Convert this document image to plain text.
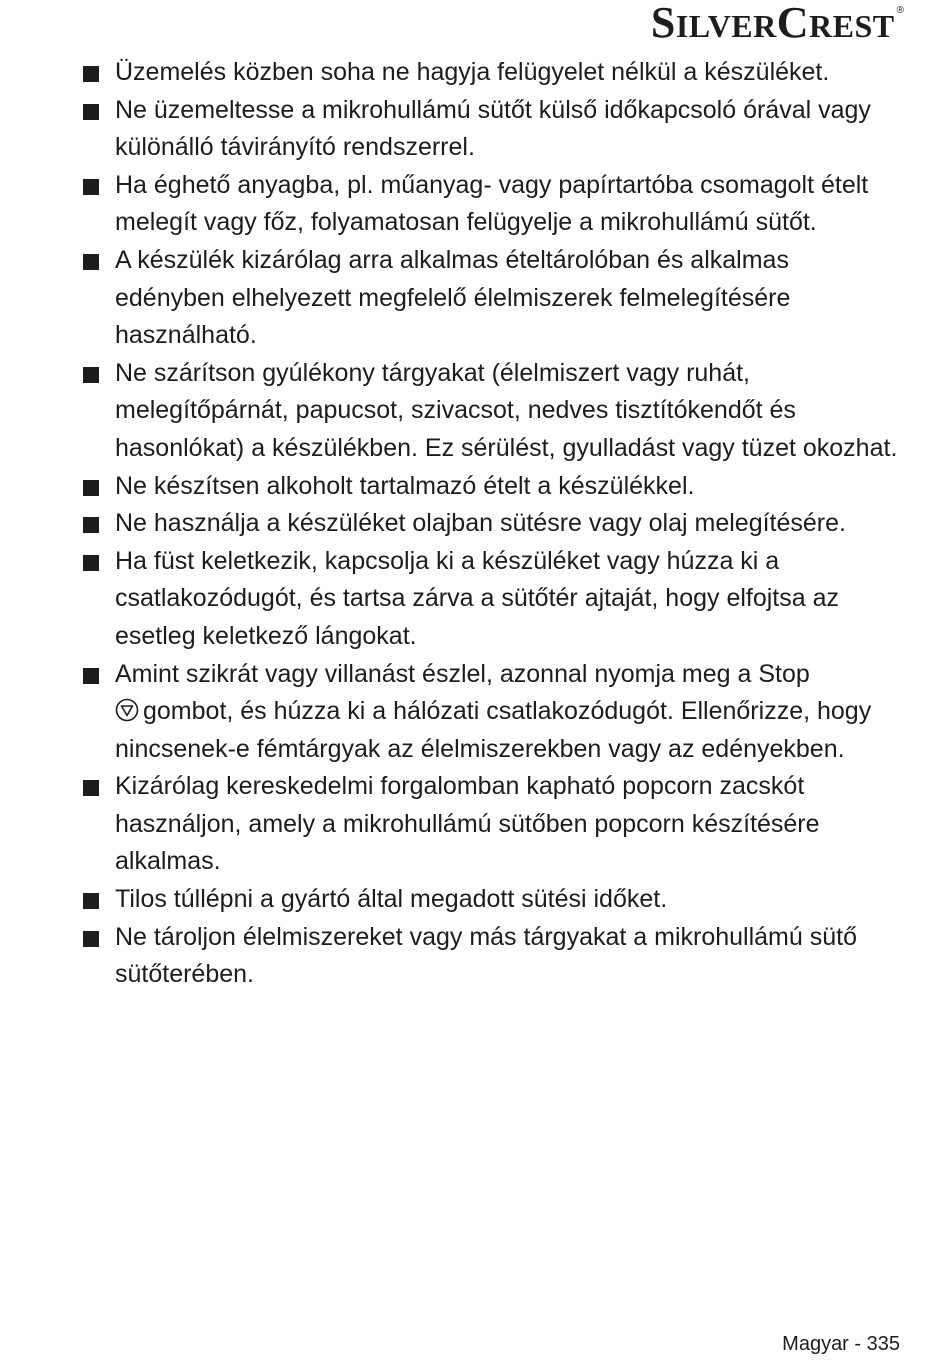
SILVERCREST ®
Üzemelés közben soha ne hagyja felügyelet nélkül a készüléket.
Ne üzemeltesse a mikrohullámú sütőt külső időkapcsoló órával vagy különálló távirányító rendszerrel.
Ha éghető anyagba, pl. műanyag- vagy papírtartóba csomagolt ételt melegít vagy főz, folyamatosan felügyelje a mikrohullámú sütőt.
A készülék kizárólag arra alkalmas ételtárolóban és alkalmas edényben elhelyezett megfelelő élelmiszerek felmelegítésére használható.
Ne szárítson gyúlékony tárgyakat (élelmiszert vagy ruhát, melegítőpárnát, papucsot, szivacsot, nedves tisztítókendőt és hasonlókat) a készülékben. Ez sérülést, gyulladást vagy tüzet okozhat.
Ne készítsen alkoholt tartalmazó ételt a készülékkel.
Ne használja a készüléket olajban sütésre vagy olaj melegítésére.
Ha füst keletkezik, kapcsolja ki a készüléket vagy húzza ki a csatlakozódugót, és tartsa zárva a sütőtér ajtaját, hogy elfojtsa az esetleg keletkező lángokat.
Amint szikrát vagy villanást észlel, azonnal nyomja meg a Stop
gombot, és húzza ki a hálózati csatlakozódugót. Ellenőrizze, hogy nincsenek-e fémtárgyak az élelmiszerekben vagy az edényekben.
Kizárólag kereskedelmi forgalomban kapható popcorn zacskót használjon, amely a mikrohullámú sütőben popcorn készítésére alkalmas.
Tilos túllépni a gyártó által megadott sütési időket.
Ne tároljon élelmiszereket vagy más tárgyakat a mikrohullámú sütő sütőterében.
Magyar - 335
